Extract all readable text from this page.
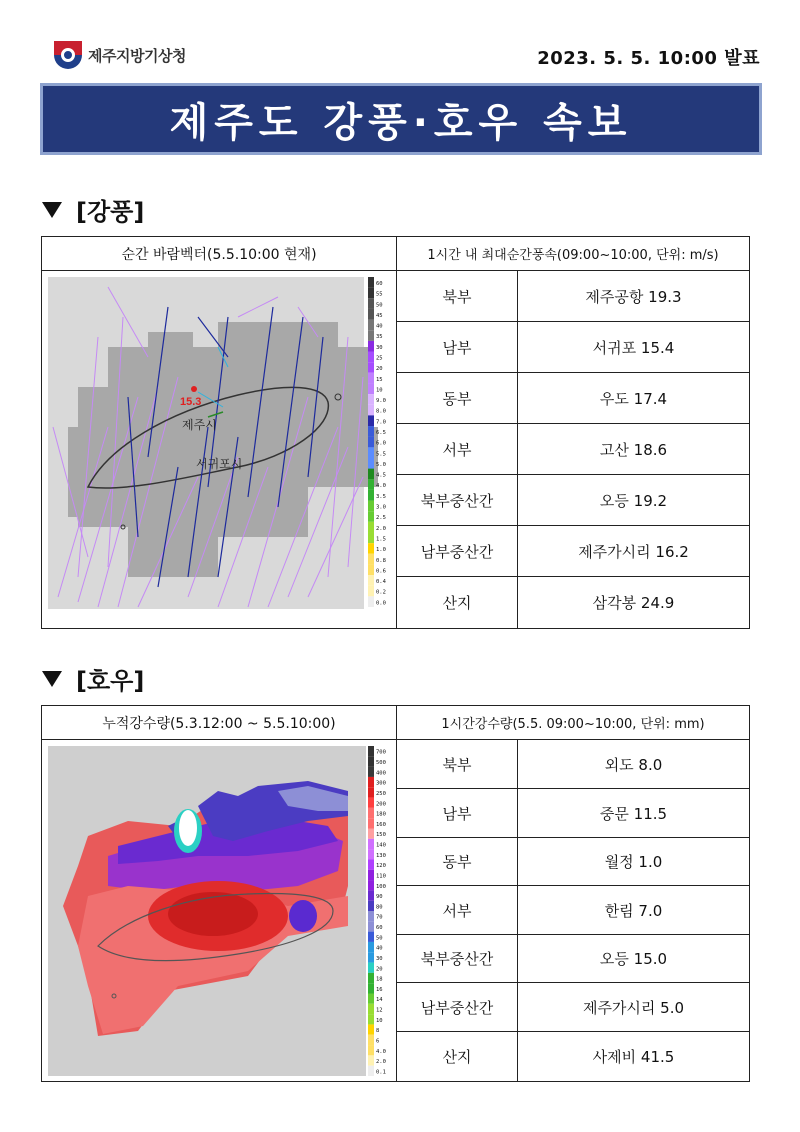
제주지방기상청	2023. 5. 5. 10:00 발표
제주도 강풍·호우 속보
[강풍]
순간 바람벡터(5.5.10:00 현재)	1시간 내 최대순간풍속(09:00~10:00, 단위: m/s)
15.3
제주시
서귀포시
60
55
50
45
40
35
30
25
20
15
10
9.0
8.0
7.0
6.5
6.0
5.5
5.0
4.5
4.0
3.5
3.0
2.5
2.0
1.5
1.0
0.8
0.6
0.4
0.2
0.0
북부	제주공항 19.3
남부	서귀포 15.4
동부	우도 17.4
서부	고산 18.6
북부중산간	오등 19.2
남부중산간	제주가시리 16.2
산지	삼각봉 24.9
[호우]
누적강수량(5.3.12:00 ~ 5.5.10:00)	1시간강수량(5.5. 09:00~10:00, 단위: mm)
700
500
400
300
250
200
180
160
150
140
130
120
110
100
90
80
70
60
50
40
30
20
18
16
14
12
10
8
6
4.0
2.0
0.1
북부	외도 8.0
남부	중문 11.5
동부	월정 1.0
서부	한림 7.0
북부중산간	오등 15.0
남부중산간	제주가시리 5.0
산지	사제비 41.5
